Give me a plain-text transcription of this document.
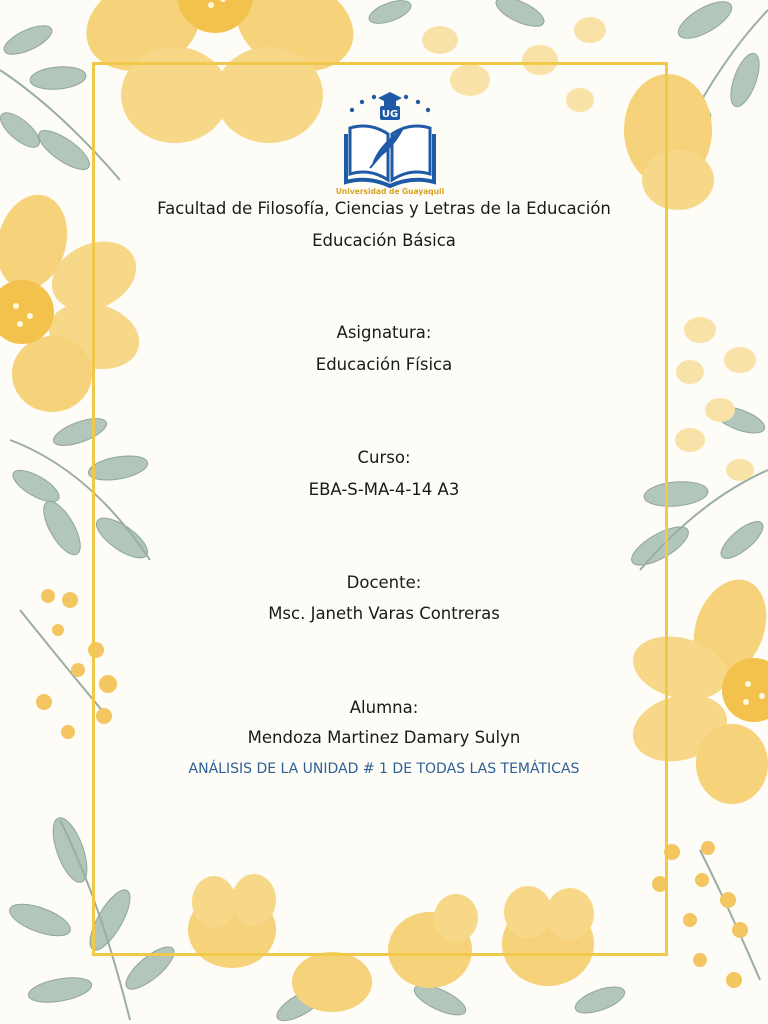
UG
Universidad de Guayaquil
Facultad de Filosofía, Ciencias y Letras de la Educación
Educación Básica
Asignatura:
Educación Física
Curso:
EBA-S-MA-4-14 A3
Docente:
Msc. Janeth Varas Contreras
Alumna:
Mendoza Martinez Damary Sulyn
ANÁLISIS DE LA UNIDAD # 1 DE TODAS LAS TEMÁTICAS
